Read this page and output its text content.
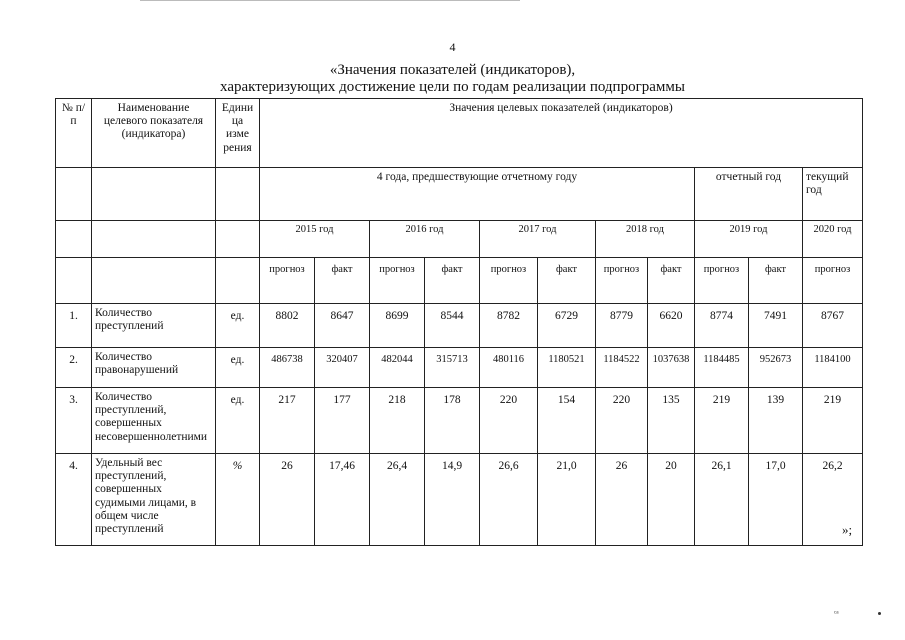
4
«Значения показателей (индикаторов),
характеризующих достижение цели по годам реализации подпрограммы
№ п/п	Наименование целевого показателя (индикатора)	Едини ца изме рения	Значения целевых показателей (индикаторов)										
			4 года, предшествующие отчетному году								отчетный год		текущий год
			2015 год		2016 год		2017 год		2018 год		2019 год		2020 год
			прогноз	факт	прогноз	факт	прогноз	факт	прогноз	факт	прогноз	факт	прогноз
1.	Количество преступлений	ед.	8802	8647	8699	8544	8782	6729	8779	6620	8774	7491	8767
2.	Количество правонарушений	ед.	486738	320407	482044	315713	480116	1180521	1184522	1037638	1184485	952673	1184100
3.	Количество преступлений, совершенных несовершеннолетними	ед.	217	177	218	178	220	154	220	135	219	139	219
4.	Удельный вес преступлений, совершенных судимыми лицами, в общем числе преступлений	%	26	17,46	26,4	14,9	26,6	21,0	26	20	26,1	17,0	26,2
»;
ᶜᵃ
